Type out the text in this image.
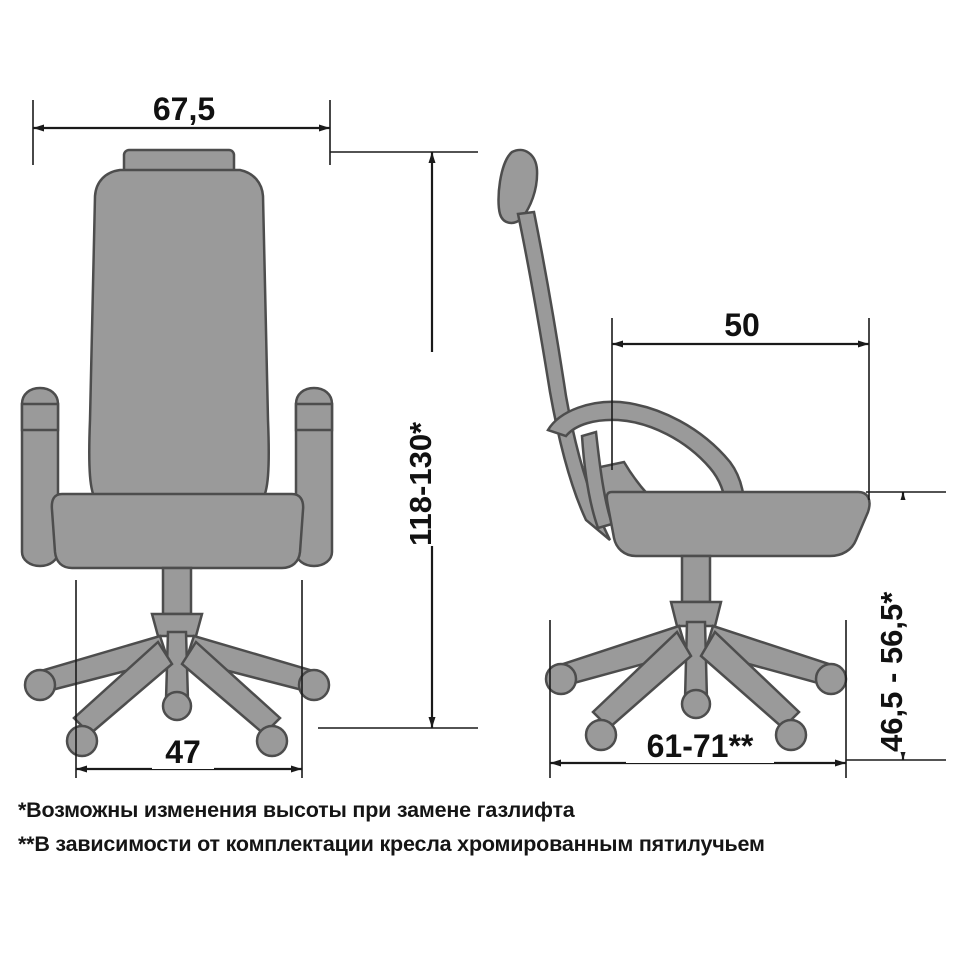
67,5
118-130*
47
50
46,5 - 56,5*
61-71**
*Возможны изменения высоты при замене газлифта
**В зависимости от комплектации кресла хромированным пятилучьем
